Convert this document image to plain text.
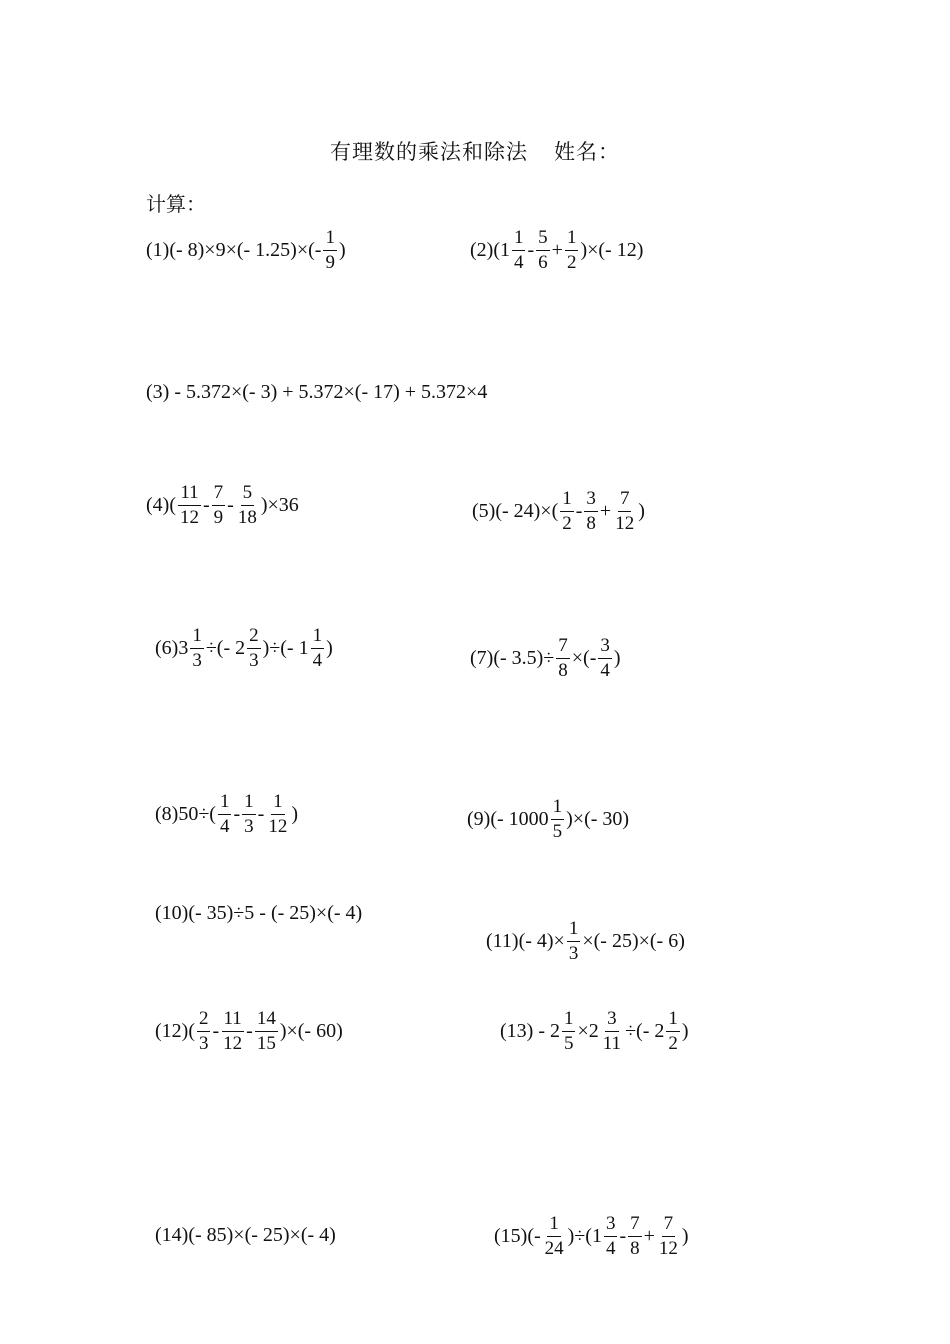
有理数的乘法和除法 姓名：
计算：
(1)(- 8)×9×(- $1.25)\times(- \frac{1}{9}$ )	$(2)(1 \frac{1}{4} - \frac{5}{6} + \frac{1}{2}$ )×(- 12)
(3) - 5.372×(- 3) + 5.372×(- 17) + 5.372×4
$(4)( \frac{11}{12} - \frac{7}{9} - \frac{5}{18} )\times 36$	(5)(- $24)\times( \frac{1}{2} - \frac{3}{8} + \frac{7}{12}$ )
$(6)3 \frac{1}{3}$ ÷(- $2 \frac{2}{3}$ )÷(- $1 \frac{1}{4}$ )	(7)(- $3.5)\div \frac{7}{8}$ ×(- $\frac{3}{4}$ )
$(8)50\div( \frac{1}{4} - \frac{1}{3} - \frac{1}{12}$ )	(9)(- $1000 \frac{1}{5}$ )×(- 30)
(10)(- 35)÷5 - (- 25)×(- 4)
(11)(- $4)\times \frac{1}{3}$ ×(- 25)×(- 6)
$(12)( \frac{2}{3} - \frac{11}{12} - \frac{14}{15}$ )×(- 60)	$(13) - 2 \frac{1}{5} \times 2 \frac{3}{11}$ ÷(- $2 \frac{1}{2}$ )
(14)(- 85)×(- 25)×(- 4)	$(15)(- \frac{1}{24} )\div(1 \frac{3}{4} - \frac{7}{8} + \frac{7}{12}$ )
